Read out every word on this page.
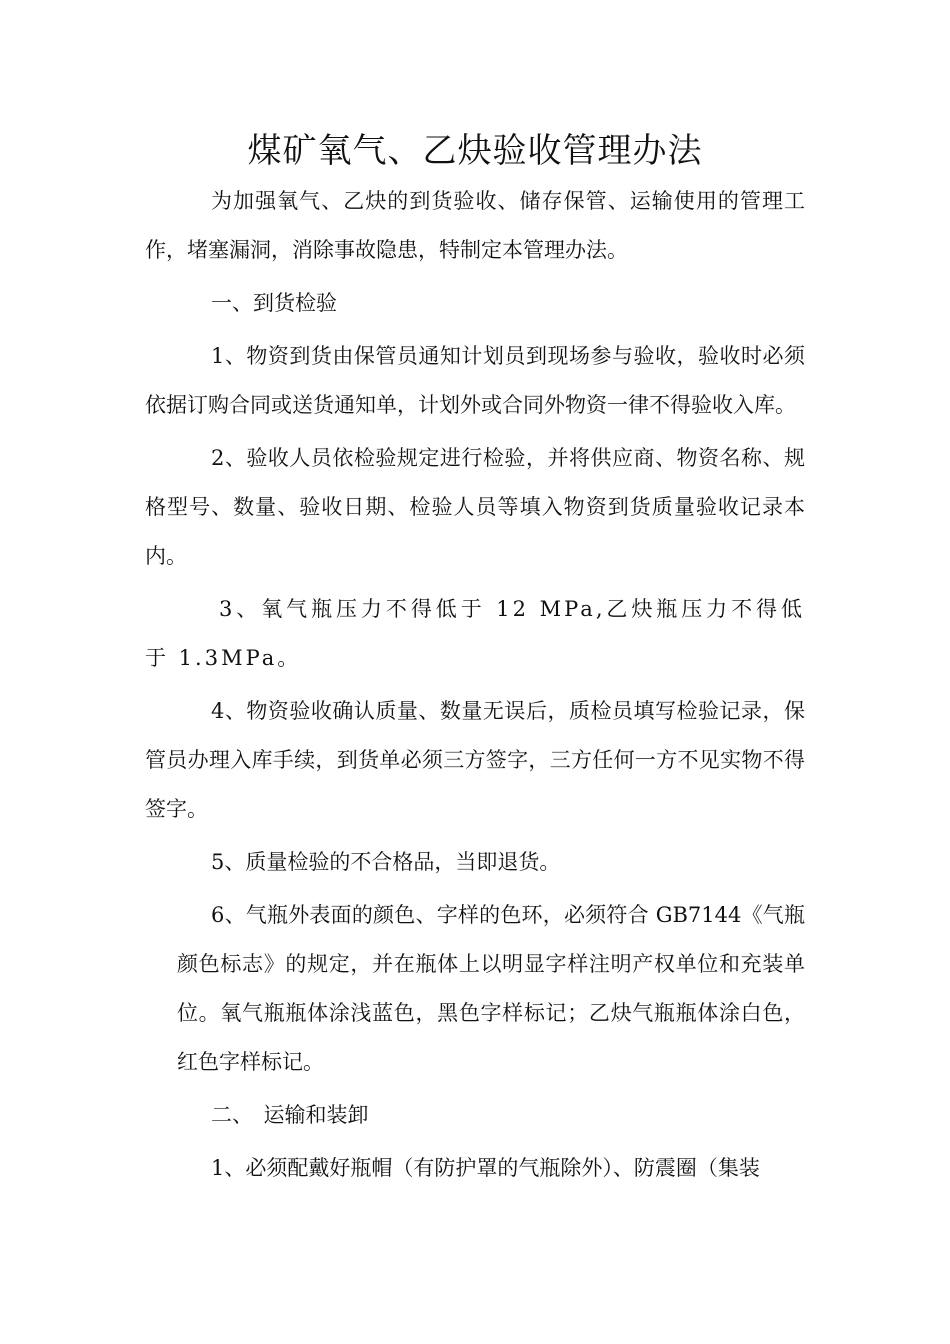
煤矿氧气、乙炔验收管理办法

为加强氧气、乙炔的到货验收、储存保管、运输使用的管理工作，堵塞漏洞，消除事故隐患，特制定本管理办法。

一、到货检验

1、物资到货由保管员通知计划员到现场参与验收，验收时必须依据订购合同或送货通知单，计划外或合同外物资一律不得验收入库。

2、验收人员依检验规定进行检验，并将供应商、物资名称、规格型号、数量、验收日期、检验人员等填入物资到货质量验收记录本内。

3、氧气瓶压力不得低于 12 MPa,乙炔瓶压力不得低于 1.3MPa。

4、物资验收确认质量、数量无误后，质检员填写检验记录，保管员办理入库手续，到货单必须三方签字，三方任何一方不见实物不得签字。

5、质量检验的不合格品，当即退货。

6、气瓶外表面的颜色、字样的色环，必须符合 GB7144《气瓶颜色标志》的规定，并在瓶体上以明显字样注明产权单位和充装单位。氧气瓶瓶体涂浅蓝色，黑色字样标记；乙炔气瓶瓶体涂白色，红色字样标记。

二、　运输和装卸

1、必须配戴好瓶帽（有防护罩的气瓶除外）、防震圈（集装
